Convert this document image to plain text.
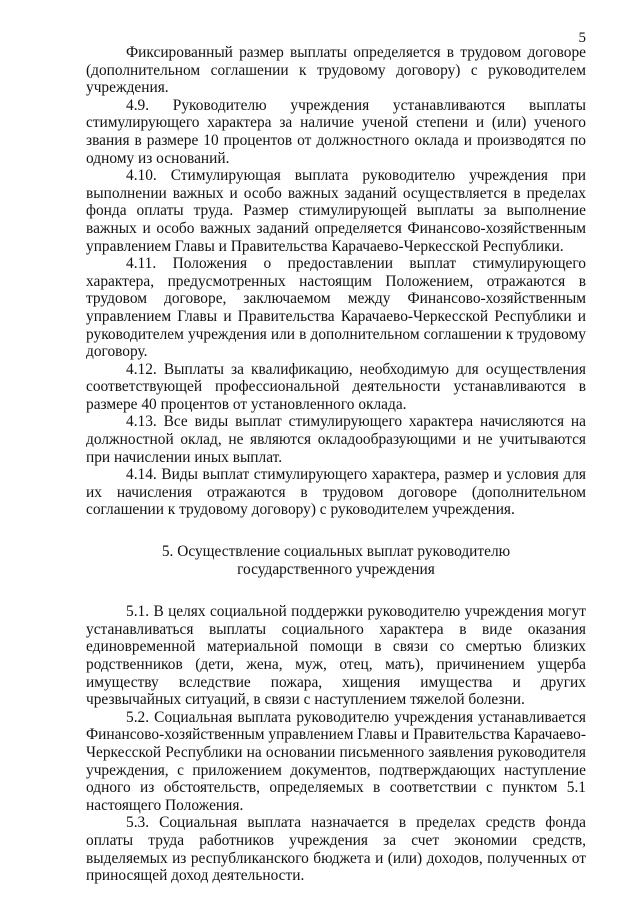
5

Фиксированный размер выплаты определяется в трудовом договоре (дополнительном соглашении к трудовому договору) с руководителем учреждения.

4.9. Руководителю учреждения устанавливаются выплаты стимулирующего характера за наличие ученой степени и (или) ученого звания в размере 10 процентов от должностного оклада и производятся по одному из оснований.

4.10. Стимулирующая выплата руководителю учреждения при выполнении важных и особо важных заданий осуществляется в пределах фонда оплаты труда. Размер стимулирующей выплаты за выполнение важных и особо важных заданий определяется Финансово-хозяйственным управлением Главы и Правительства Карачаево-Черкесской Республики.

4.11. Положения о предоставлении выплат стимулирующего характера, предусмотренных настоящим Положением, отражаются в трудовом договоре, заключаемом между Финансово-хозяйственным управлением Главы и Правительства Карачаево-Черкесской Республики и руководителем учреждения или в дополнительном соглашении к трудовому договору.

4.12. Выплаты за квалификацию, необходимую для осуществления соответствующей профессиональной деятельности устанавливаются в размере 40 процентов от установленного оклада.

4.13. Все виды выплат стимулирующего характера начисляются на должностной оклад, не являются окладообразующими и не учитываются при начислении иных выплат.

4.14. Виды выплат стимулирующего характера, размер и условия для их начисления отражаются в трудовом договоре (дополнительном соглашении к трудовому договору) с руководителем учреждения.

5. Осуществление социальных выплат руководителю
государственного учреждения

5.1. В целях социальной поддержки руководителю учреждения могут устанавливаться выплаты социального характера в виде оказания единовременной материальной помощи в связи со смертью близких родственников (дети, жена, муж, отец, мать), причинением ущерба имуществу вследствие пожара, хищения имущества и других чрезвычайных ситуаций, в связи с наступлением тяжелой болезни.

5.2. Социальная выплата руководителю учреждения устанавливается Финансово-хозяйственным управлением Главы и Правительства Карачаево-Черкесской Республики на основании письменного заявления руководителя учреждения, с приложением документов, подтверждающих наступление одного из обстоятельств, определяемых в соответствии с пунктом 5.1 настоящего Положения.

5.3. Социальная выплата назначается в пределах средств фонда оплаты труда работников учреждения за счет экономии средств, выделяемых из республиканского бюджета и (или) доходов, полученных от приносящей доход деятельности.
